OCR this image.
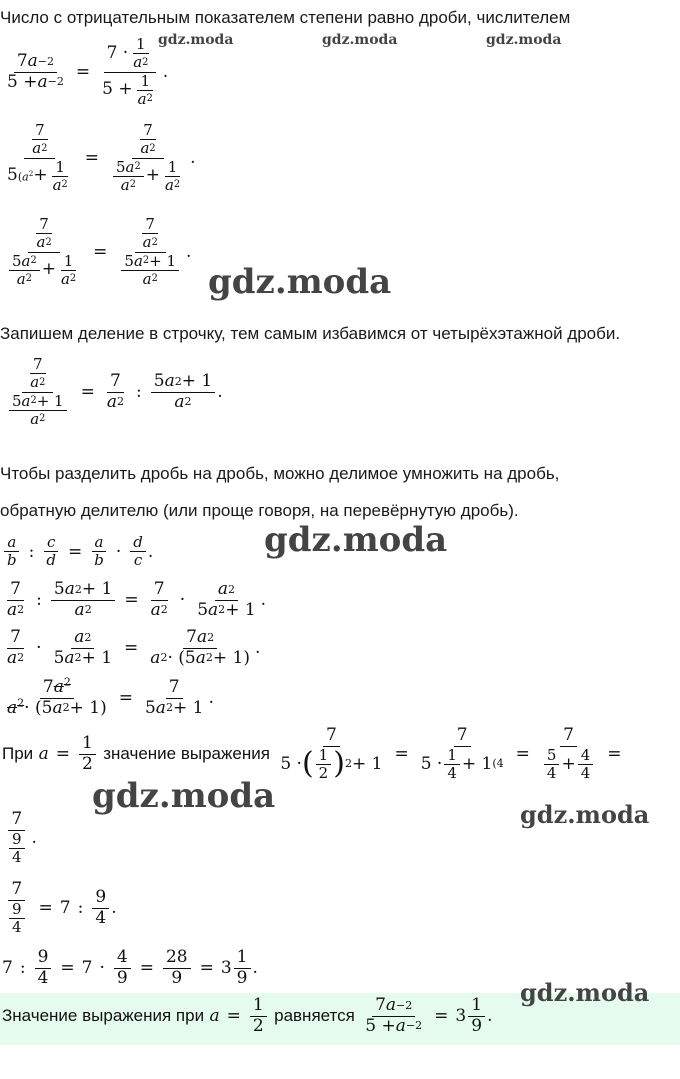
Число с отрицательным показателем степени равно дроби, числителем
gdz.moda	gdz.moda	gdz.moda
$\frac{7 a -2}{5 + a -2} = 7 \cdot 1$
a 2
5 + 1
a 2 .
7
a 2
5 ($a^2 + 1$
a 2 = 7
a 2
5 a 2
a 2 + 1
a 2 .
7
a 2
5 a 2
a 2 + 1
a 2 = 7
a 2
5 a 2 + 1
a 2 .
gdz.moda
Запишем деление в строчку, тем самым избавимся от четырёхэтажной дроби.
7
a 2
5 a 2 + 1
a $2 = \frac{7}{a 2}$ :
5 a 2 + 1
a 2 .
Чтобы разделить дробь на дробь, можно делимое умножить на дробь,
обратную делителю (или проще говоря, на перевёрнутую дробь).
a
b : $\frac{c}{d} = \frac{a}{b} \cdot d$
c .	gdz.moda
7
a 2 : $\frac{5 a 2 + 1}{a 2} = \frac{7}{a 2}$ ·
a 2
5 a 2 + 1 .
7
a $2 \cdot \frac{a 2}{5 a 2 + 1} = \frac{7 a 2}{a 2 \cdot (5 a 2 + 1)}$ .
$\frac{7 a^2}{a^2 \cdot (5 a 2 + 1)} = \frac{7}{5 a 2 + 1}$ .
При
$a = \frac{1}{2}$
значение выражения
7
5 · ( 1
2 ) 2 + 1 = 7
5 · 1
4 + 1 (4 = 7
5
4 + 4
4 =
gdz.moda	gdz.moda
7
9
4
.
7
9
4 = 7 :
9
4 .
7 : $\frac{9}{4} = 7 \cdot \frac{4}{9} = \frac{28}{9} = 3 \frac{1}{9}$ .
gdz.moda
Значение выражения при
$a = \frac{1}{2}$
равняется
$\frac{7 a -2}{5 + a -2} = 3 \frac{1}{9}$ .
